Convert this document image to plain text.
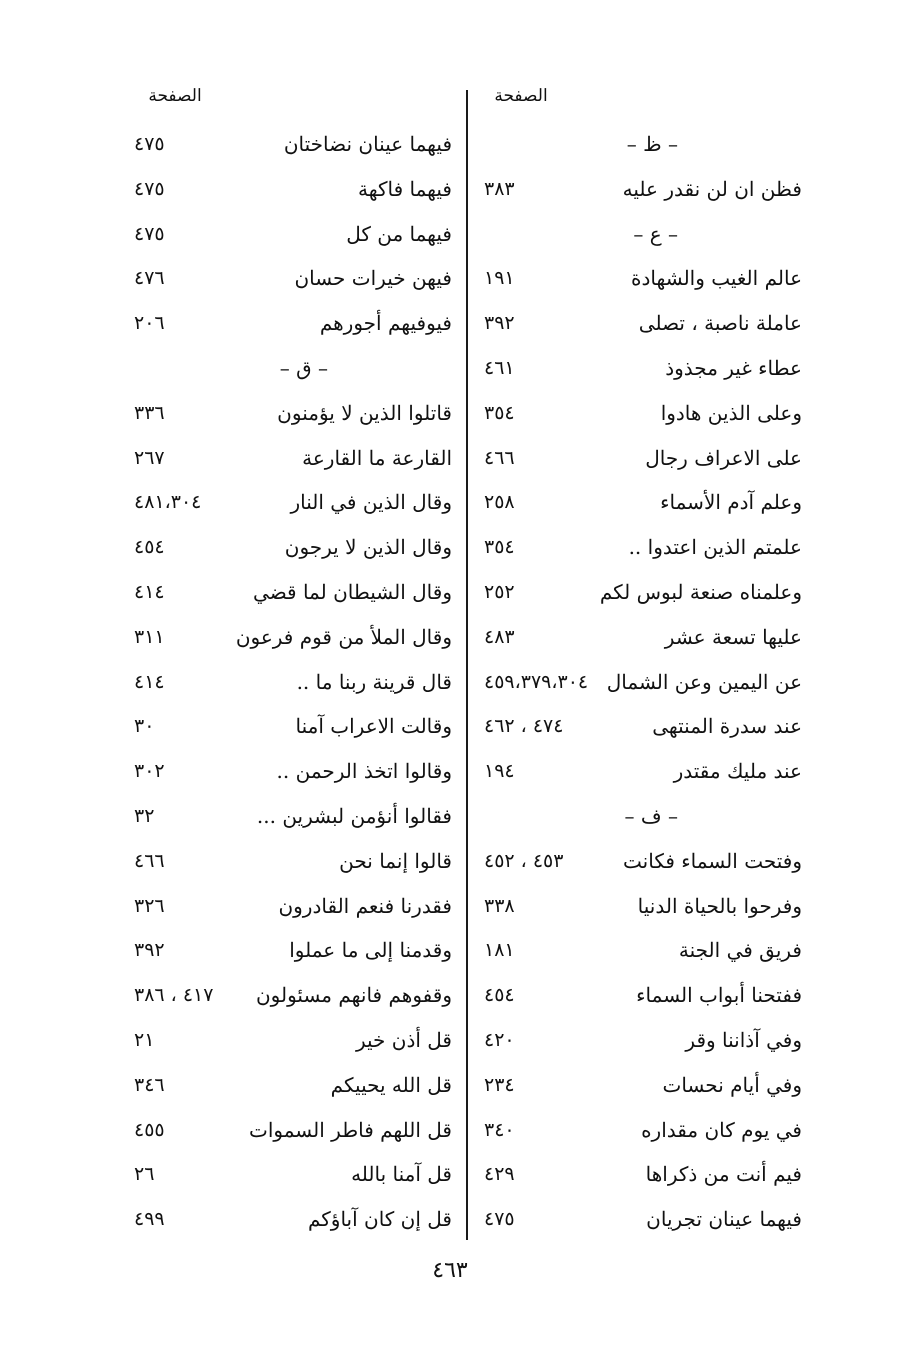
الصفحة
الصفحة
– ظ –
فظن ان لن نقدر عليه
٣٨٣
– ع –
عالم الغيب والشهادة
١٩١
عاملة ناصبة ، تصلى
٣٩٢
عطاء غير مجذوذ
٤٦١
وعلى الذين هادوا
٣٥٤
على الاعراف رجال
٤٦٦
وعلم آدم الأسماء
٢٥٨
علمتم الذين اعتدوا ..
٣٥٤
وعلمناه صنعة لبوس لكم
٢٥٢
عليها تسعة عشر
٤٨٣
عن اليمين وعن الشمال
٤٥٩،٣٧٩،٣٠٤
عند سدرة المنتهى
٤٧٤ ، ٤٦٢
عند مليك مقتدر
١٩٤
– ف –
وفتحت السماء فكانت
٤٥٣ ، ٤٥٢
وفرحوا بالحياة الدنيا
٣٣٨
فريق في الجنة
١٨١
ففتحنا أبواب السماء
٤٥٤
وفي آذاننا وقر
٤٢٠
وفي أيام نحسات
٢٣٤
في يوم كان مقداره
٣٤٠
فيم أنت من ذكراها
٤٢٩
فيهما عينان تجريان
٤٧٥
فيهما عينان نضاختان
٤٧٥
فيهما فاكهة
٤٧٥
فيهما من كل
٤٧٥
فيهن خيرات حسان
٤٧٦
فيوفيهم أجورهم
٢٠٦
– ق –
قاتلوا الذين لا يؤمنون
٣٣٦
القارعة ما القارعة
٢٦٧
وقال الذين في النار
٤٨١،٣٠٤
وقال الذين لا يرجون
٤٥٤
وقال الشيطان لما قضي
٤١٤
وقال الملأ من قوم فرعون
٣١١
قال قرينة ربنا ما ..
٤١٤
وقالت الاعراب آمنا
٣٠
وقالوا اتخذ الرحمن ..
٣٠٢
فقالوا أنؤمن لبشرين ...
٣٢
قالوا إنما نحن
٤٦٦
فقدرنا فنعم القادرون
٣٢٦
وقدمنا إلى ما عملوا
٣٩٢
وقفوهم فانهم مسئولون
٤١٧ ، ٣٨٦
قل أذن خير
٢١
قل الله يحييكم
٣٤٦
قل اللهم فاطر السموات
٤٥٥
قل آمنا بالله
٢٦
قل إن كان آباؤكم
٤٩٩
٤٦٣
